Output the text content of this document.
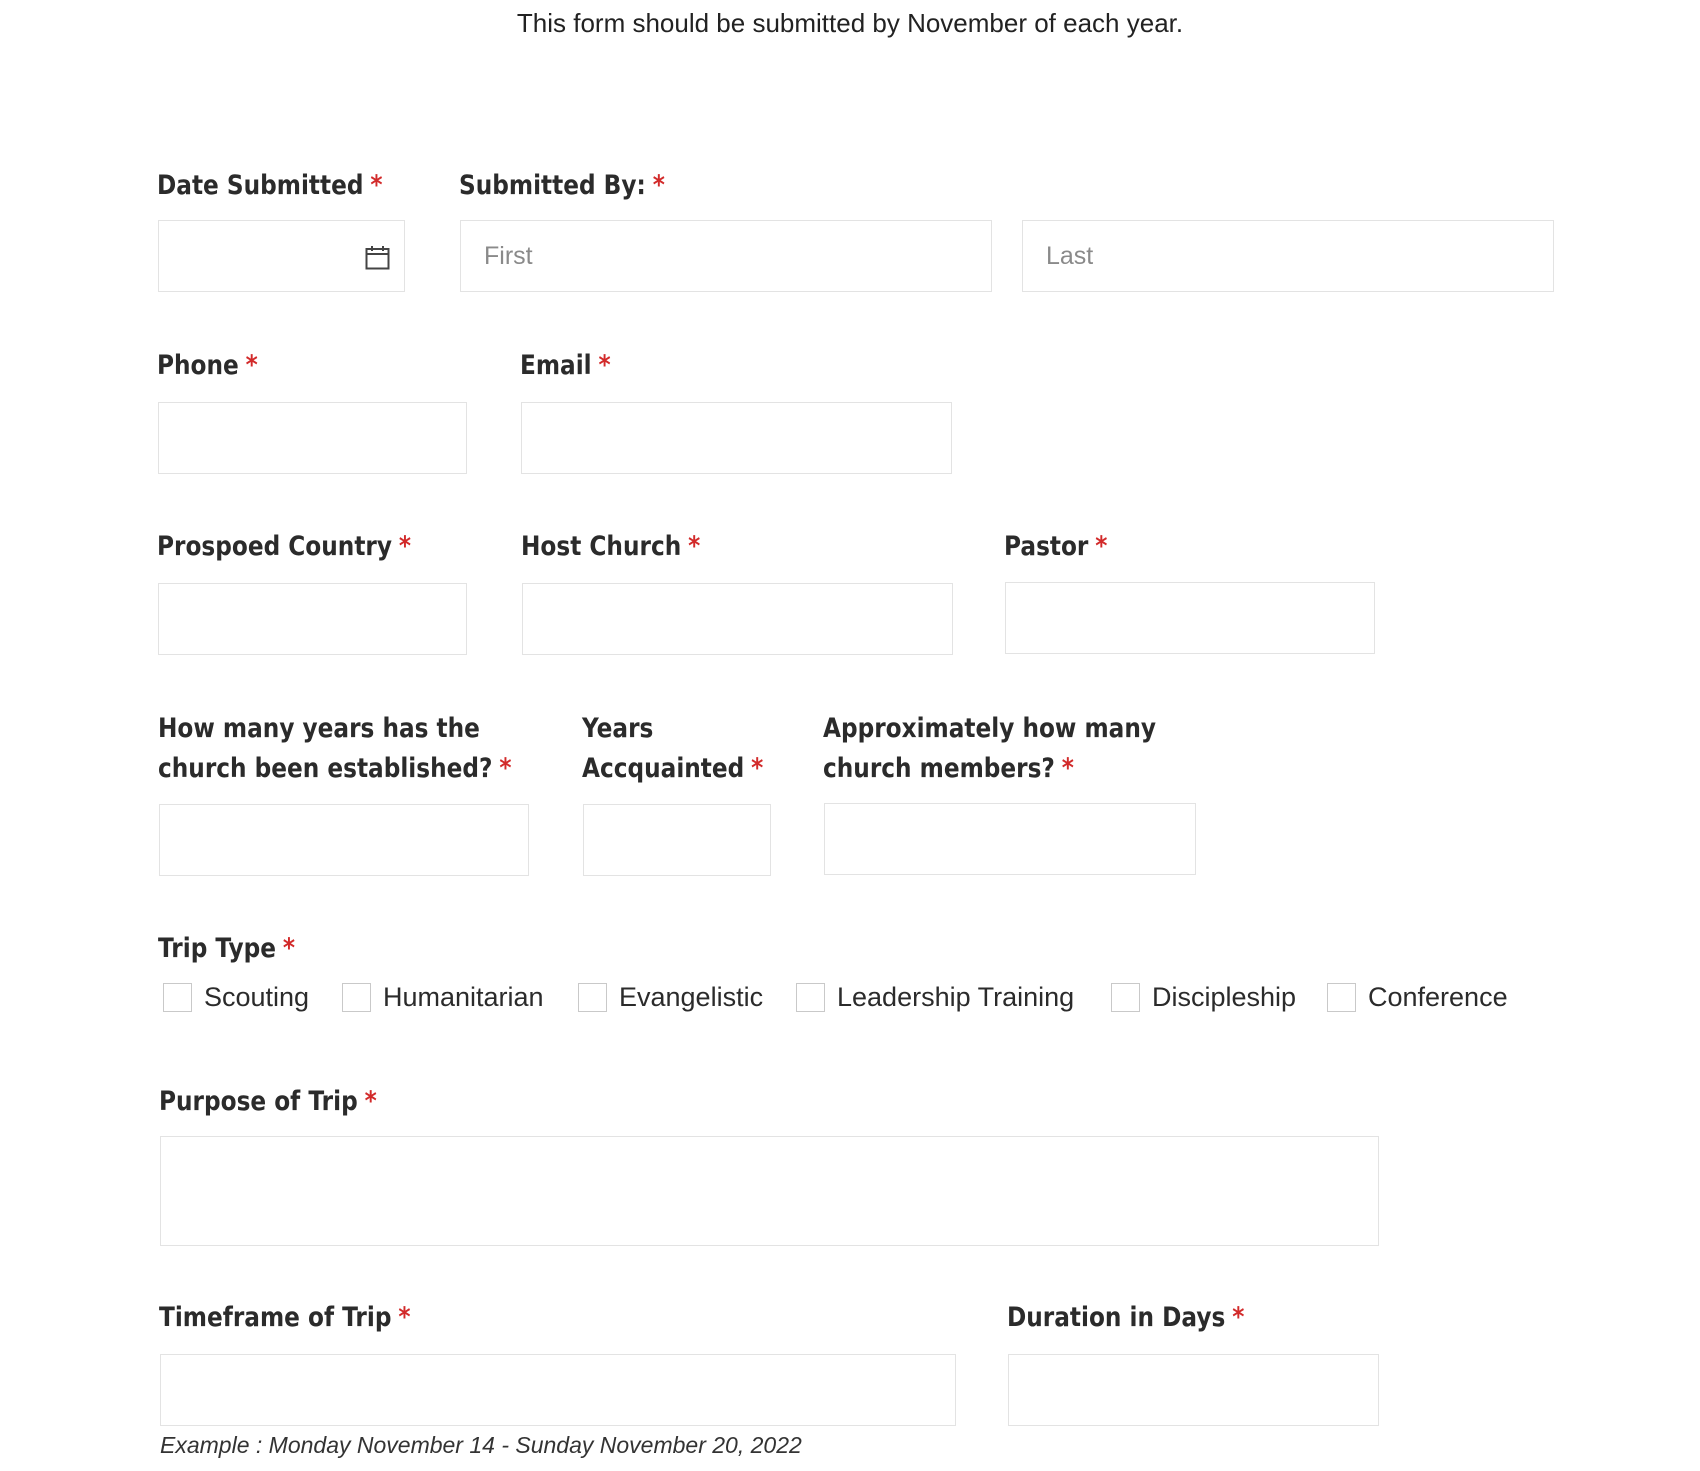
This form should be submitted by November of each year.
Date Submitted *	Submitted By: *
First	Last
Phone *	Email *
Prospoed Country *	Host Church *	Pastor *
How many years has the
church been established? *
Years
Accquainted *
Approximately how many
church members? *
Trip Type *
Scouting	Humanitarian	Evangelistic	Leadership Training	Discipleship	Conference
Purpose of Trip *
Timeframe of Trip *	Duration in Days *
Example : Monday November 14 - Sunday November 20, 2022
